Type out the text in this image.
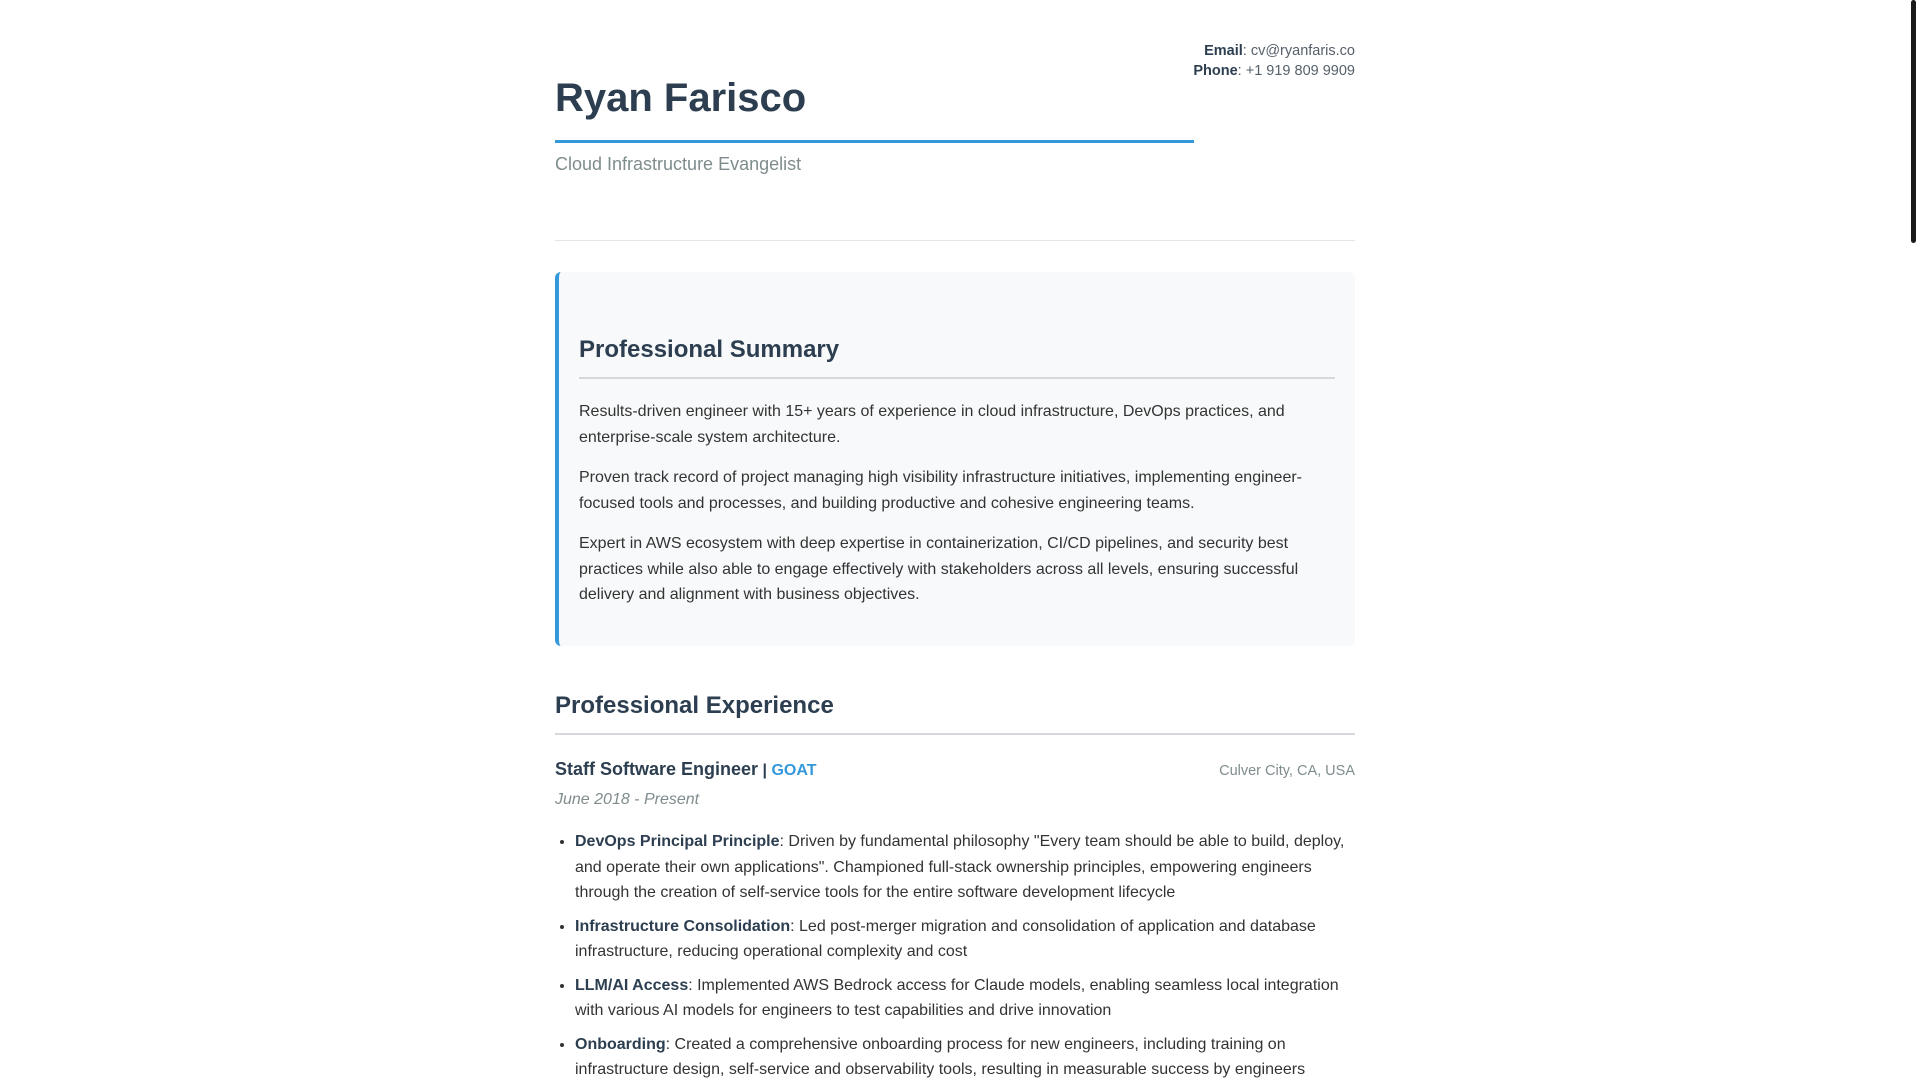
Email: cv@ryanfaris.co
Phone: +1 919 809 9909
Ryan Farisco
Cloud Infrastructure Evangelist
Professional Summary

Results-driven engineer with 15+ years of experience in cloud infrastructure, DevOps practices, and enterprise-scale system architecture.

Proven track record of project managing high visibility infrastructure initiatives, implementing engineer-focused tools and processes, and building productive and cohesive engineering teams.

Expert in AWS ecosystem with deep expertise in containerization, CI/CD pipelines, and security best practices while also able to engage effectively with stakeholders across all levels, ensuring successful delivery and alignment with business objectives.

Professional Experience
Staff Software Engineer | GOAT	Culver City, CA, USA
June 2018 - Present
• DevOps Principal Principle: Driven by fundamental philosophy "Every team should be able to build, deploy, and operate their own applications". Championed full-stack ownership principles, empowering engineers through the creation of self-service tools for the entire software development lifecycle
• Infrastructure Consolidation: Led post-merger migration and consolidation of application and database infrastructure, reducing operational complexity and cost
• LLM/AI Access: Implemented AWS Bedrock access for Claude models, enabling seamless local integration with various AI models for engineers to test capabilities and drive innovation
• Onboarding: Created a comprehensive onboarding process for new engineers, including training on infrastructure design, self-service and observability tools, resulting in measurable success by engineers
